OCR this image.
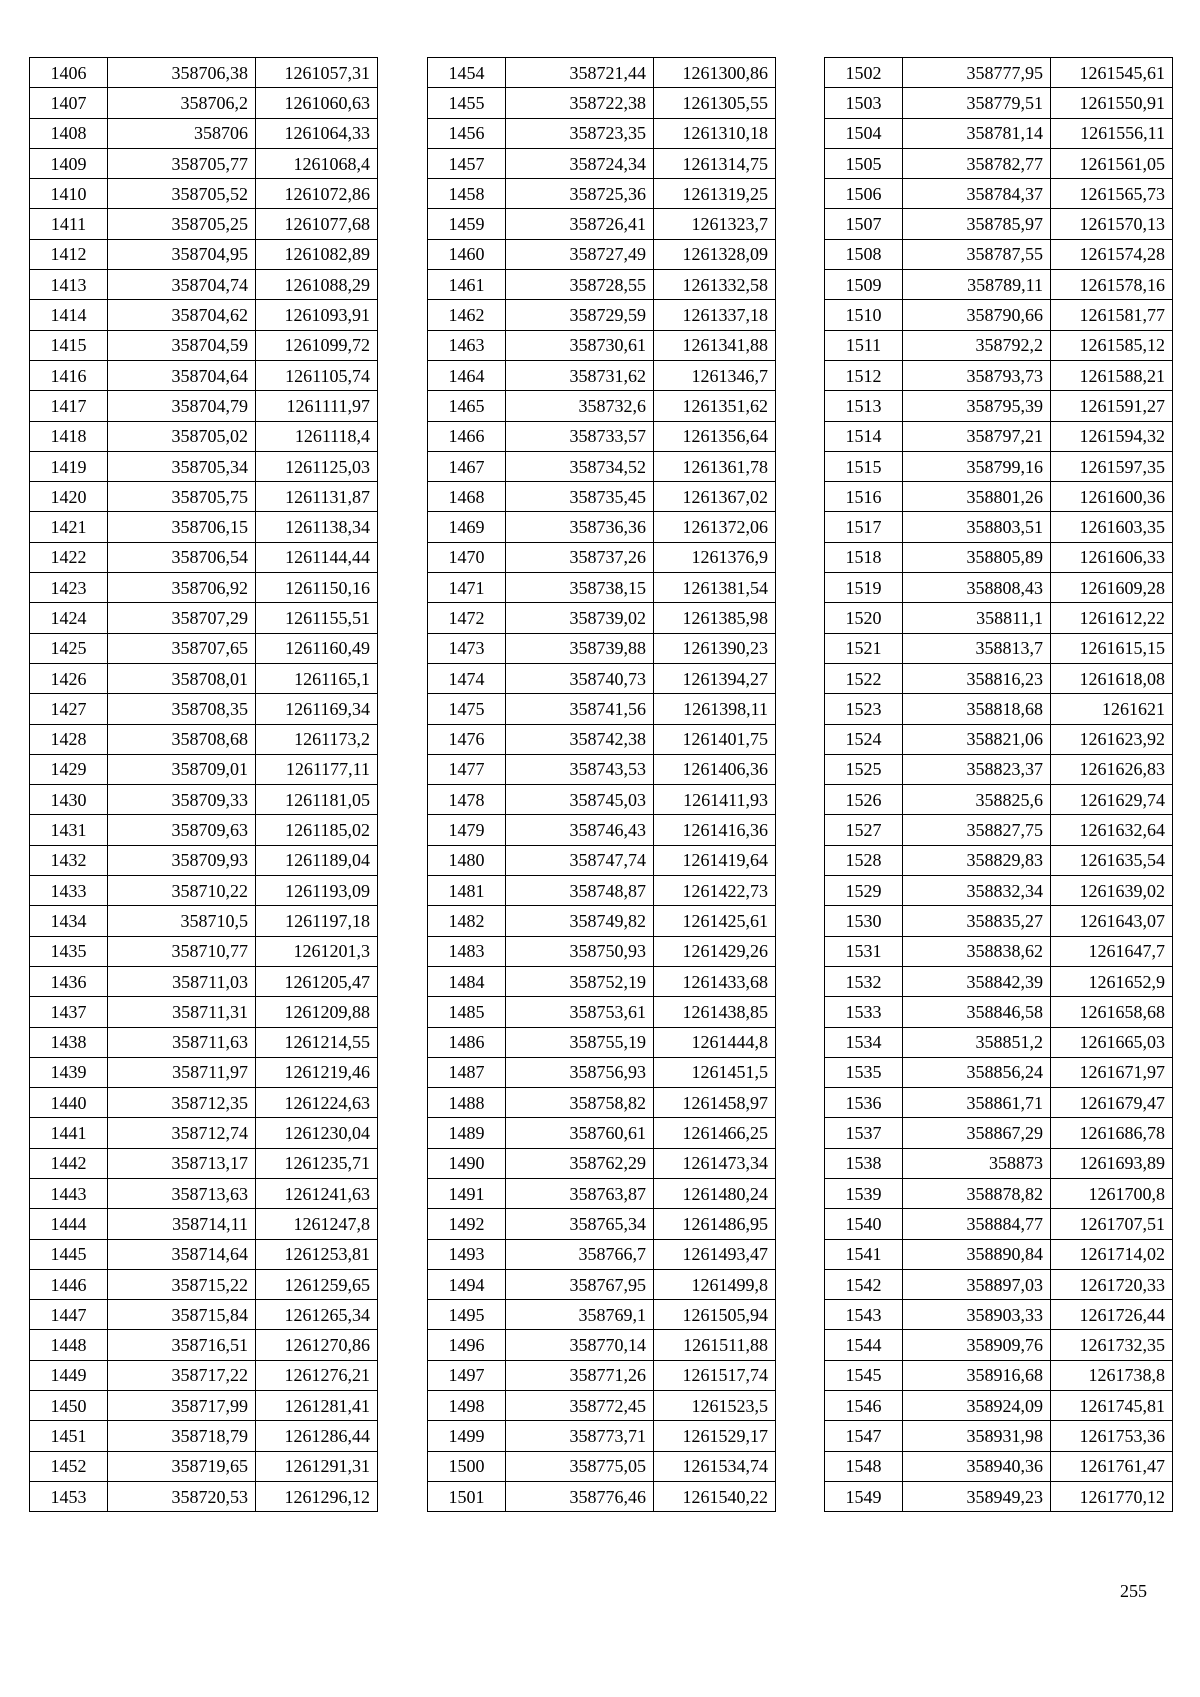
1406	358706,38	1261057,31
1407	358706,2	1261060,63
1408	358706	1261064,33
1409	358705,77	1261068,4
1410	358705,52	1261072,86
1411	358705,25	1261077,68
1412	358704,95	1261082,89
1413	358704,74	1261088,29
1414	358704,62	1261093,91
1415	358704,59	1261099,72
1416	358704,64	1261105,74
1417	358704,79	1261111,97
1418	358705,02	1261118,4
1419	358705,34	1261125,03
1420	358705,75	1261131,87
1421	358706,15	1261138,34
1422	358706,54	1261144,44
1423	358706,92	1261150,16
1424	358707,29	1261155,51
1425	358707,65	1261160,49
1426	358708,01	1261165,1
1427	358708,35	1261169,34
1428	358708,68	1261173,2
1429	358709,01	1261177,11
1430	358709,33	1261181,05
1431	358709,63	1261185,02
1432	358709,93	1261189,04
1433	358710,22	1261193,09
1434	358710,5	1261197,18
1435	358710,77	1261201,3
1436	358711,03	1261205,47
1437	358711,31	1261209,88
1438	358711,63	1261214,55
1439	358711,97	1261219,46
1440	358712,35	1261224,63
1441	358712,74	1261230,04
1442	358713,17	1261235,71
1443	358713,63	1261241,63
1444	358714,11	1261247,8
1445	358714,64	1261253,81
1446	358715,22	1261259,65
1447	358715,84	1261265,34
1448	358716,51	1261270,86
1449	358717,22	1261276,21
1450	358717,99	1261281,41
1451	358718,79	1261286,44
1452	358719,65	1261291,31
1453	358720,53	1261296,12
1454	358721,44	1261300,86
1455	358722,38	1261305,55
1456	358723,35	1261310,18
1457	358724,34	1261314,75
1458	358725,36	1261319,25
1459	358726,41	1261323,7
1460	358727,49	1261328,09
1461	358728,55	1261332,58
1462	358729,59	1261337,18
1463	358730,61	1261341,88
1464	358731,62	1261346,7
1465	358732,6	1261351,62
1466	358733,57	1261356,64
1467	358734,52	1261361,78
1468	358735,45	1261367,02
1469	358736,36	1261372,06
1470	358737,26	1261376,9
1471	358738,15	1261381,54
1472	358739,02	1261385,98
1473	358739,88	1261390,23
1474	358740,73	1261394,27
1475	358741,56	1261398,11
1476	358742,38	1261401,75
1477	358743,53	1261406,36
1478	358745,03	1261411,93
1479	358746,43	1261416,36
1480	358747,74	1261419,64
1481	358748,87	1261422,73
1482	358749,82	1261425,61
1483	358750,93	1261429,26
1484	358752,19	1261433,68
1485	358753,61	1261438,85
1486	358755,19	1261444,8
1487	358756,93	1261451,5
1488	358758,82	1261458,97
1489	358760,61	1261466,25
1490	358762,29	1261473,34
1491	358763,87	1261480,24
1492	358765,34	1261486,95
1493	358766,7	1261493,47
1494	358767,95	1261499,8
1495	358769,1	1261505,94
1496	358770,14	1261511,88
1497	358771,26	1261517,74
1498	358772,45	1261523,5
1499	358773,71	1261529,17
1500	358775,05	1261534,74
1501	358776,46	1261540,22
1502	358777,95	1261545,61
1503	358779,51	1261550,91
1504	358781,14	1261556,11
1505	358782,77	1261561,05
1506	358784,37	1261565,73
1507	358785,97	1261570,13
1508	358787,55	1261574,28
1509	358789,11	1261578,16
1510	358790,66	1261581,77
1511	358792,2	1261585,12
1512	358793,73	1261588,21
1513	358795,39	1261591,27
1514	358797,21	1261594,32
1515	358799,16	1261597,35
1516	358801,26	1261600,36
1517	358803,51	1261603,35
1518	358805,89	1261606,33
1519	358808,43	1261609,28
1520	358811,1	1261612,22
1521	358813,7	1261615,15
1522	358816,23	1261618,08
1523	358818,68	1261621
1524	358821,06	1261623,92
1525	358823,37	1261626,83
1526	358825,6	1261629,74
1527	358827,75	1261632,64
1528	358829,83	1261635,54
1529	358832,34	1261639,02
1530	358835,27	1261643,07
1531	358838,62	1261647,7
1532	358842,39	1261652,9
1533	358846,58	1261658,68
1534	358851,2	1261665,03
1535	358856,24	1261671,97
1536	358861,71	1261679,47
1537	358867,29	1261686,78
1538	358873	1261693,89
1539	358878,82	1261700,8
1540	358884,77	1261707,51
1541	358890,84	1261714,02
1542	358897,03	1261720,33
1543	358903,33	1261726,44
1544	358909,76	1261732,35
1545	358916,68	1261738,8
1546	358924,09	1261745,81
1547	358931,98	1261753,36
1548	358940,36	1261761,47
1549	358949,23	1261770,12
255
